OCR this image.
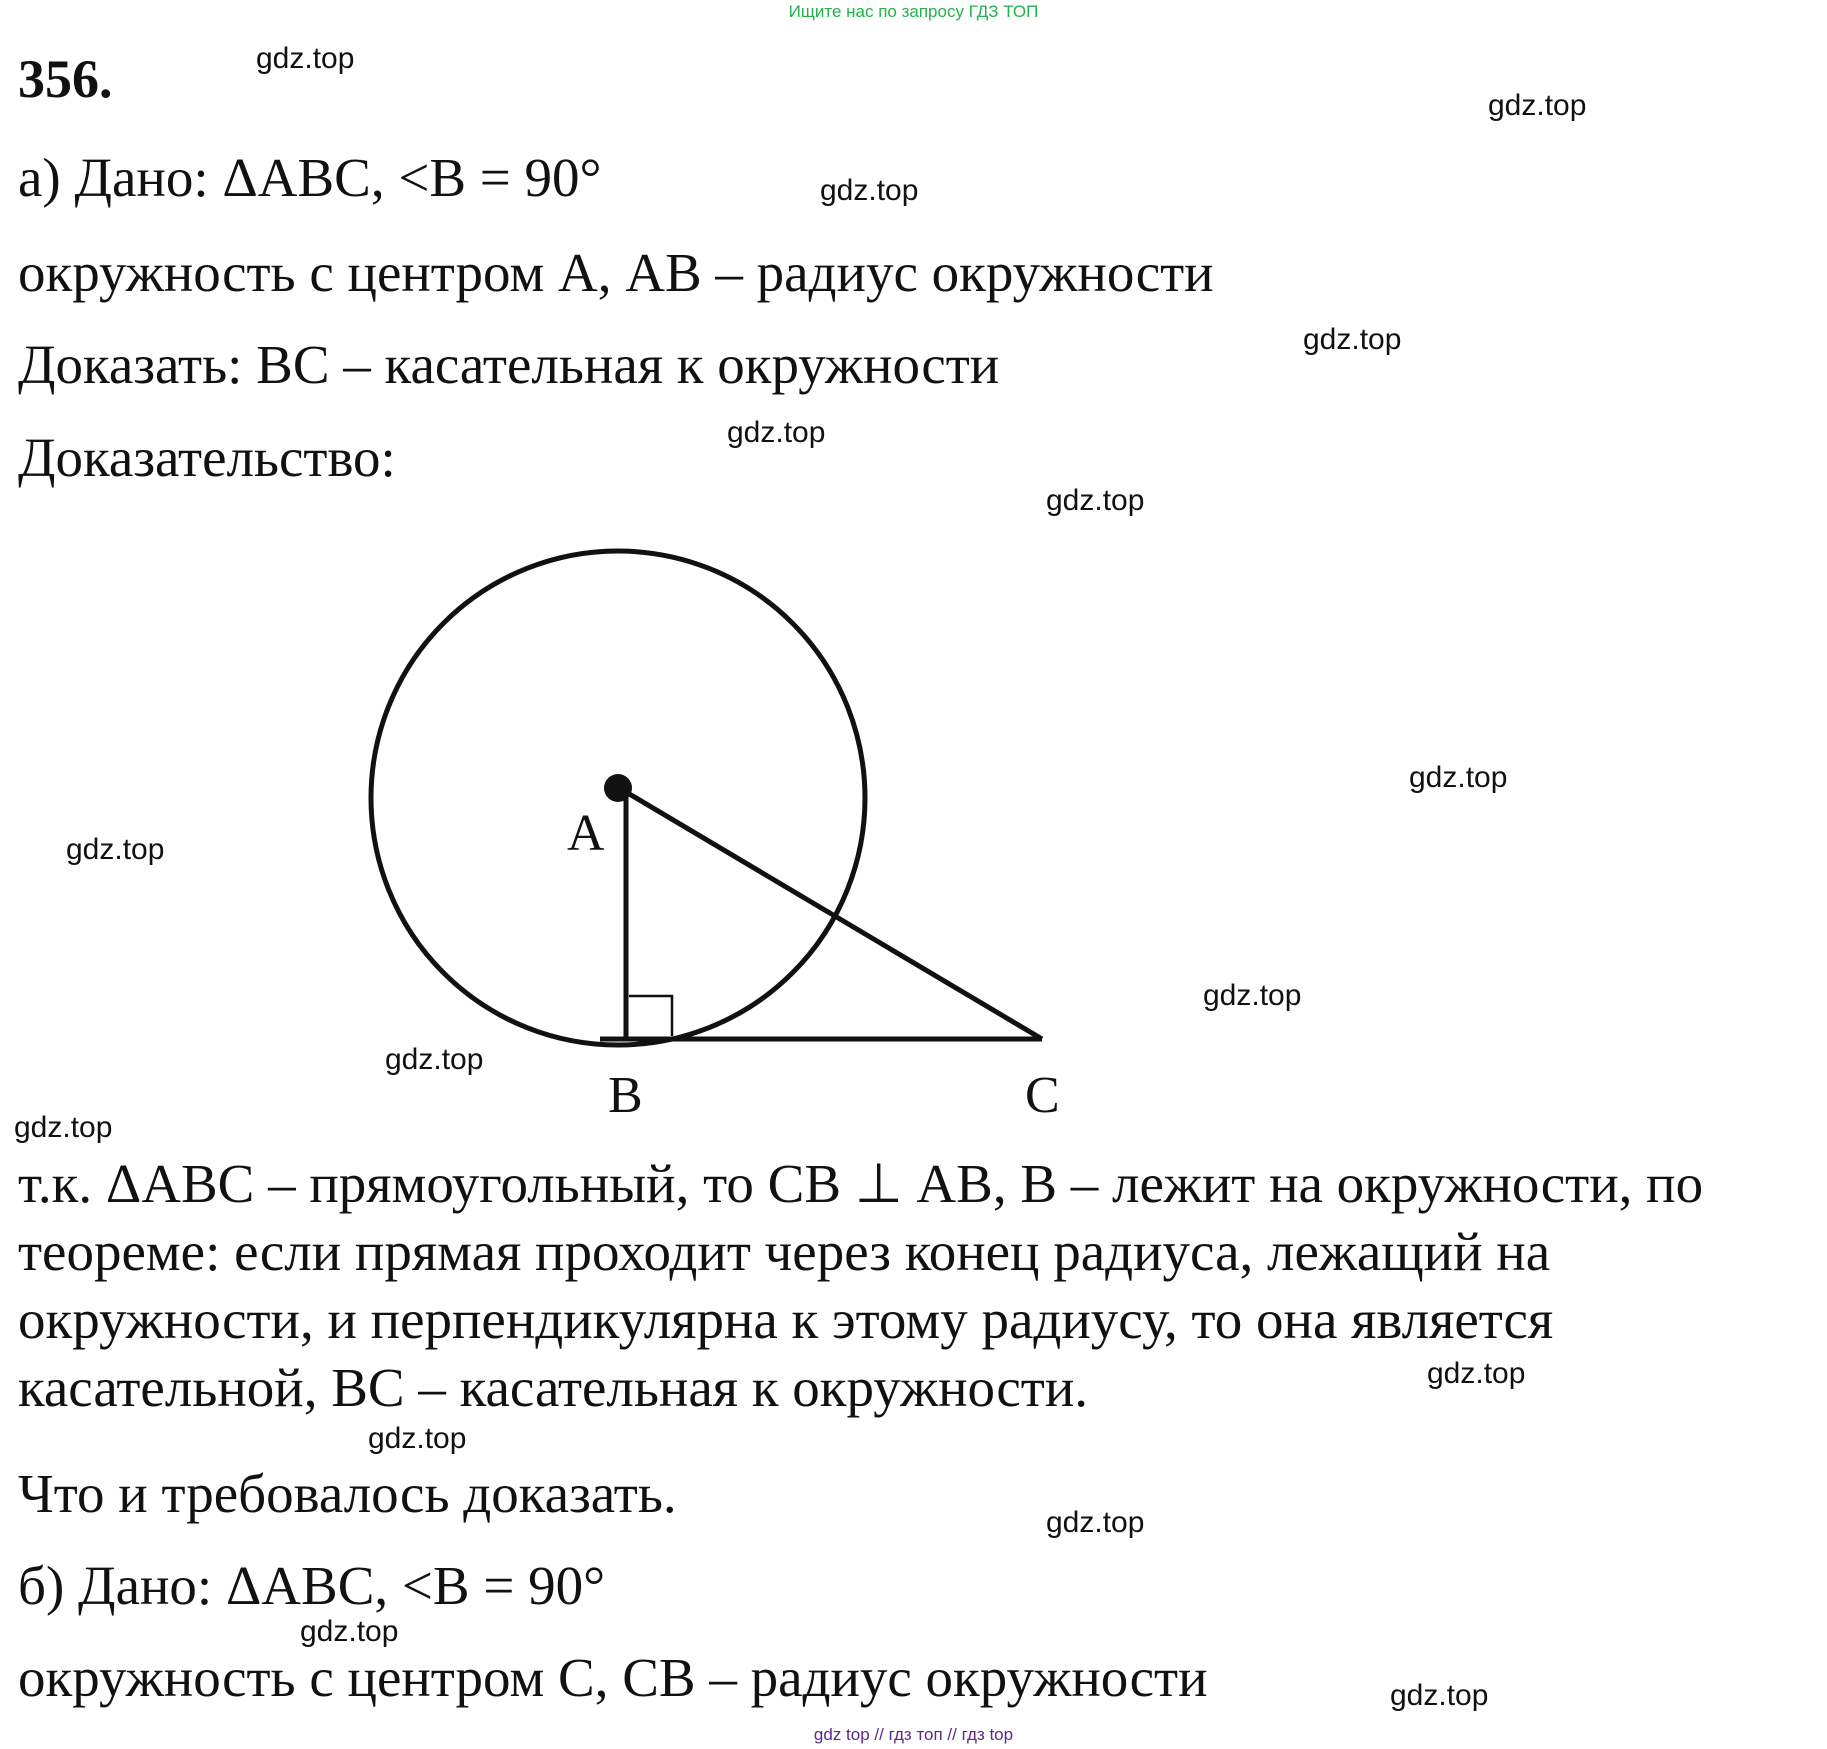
Ищите нас по запросу ГДЗ ТОП
356.
а) Дано: ΔАВС, <В = 90°
окружность с центром А, АВ – радиус окружности
Доказать: ВС – касательная к окружности
Доказательство:
A
B	C
т.к. ΔАВС – прямоугольный, то СВ ⊥ АВ, В – лежит на окружности, по
теореме: если прямая проходит через конец радиуса, лежащий на
окружности, и перпендикулярна к этому радиусу, то она является
касательной, ВС – касательная к окружности.
Что и требовалось доказать.
б) Дано: ΔАВС, <В = 90°
окружность с центром С, СВ – радиус окружности
gdz.top
gdz.top
gdz.top
gdz.top
gdz.top
gdz.top
gdz.top
gdz.top
gdz.top
gdz.top
gdz.top
gdz.top
gdz.top
gdz.top
gdz.top
gdz.top
gdz top // гдз топ // гдз top
